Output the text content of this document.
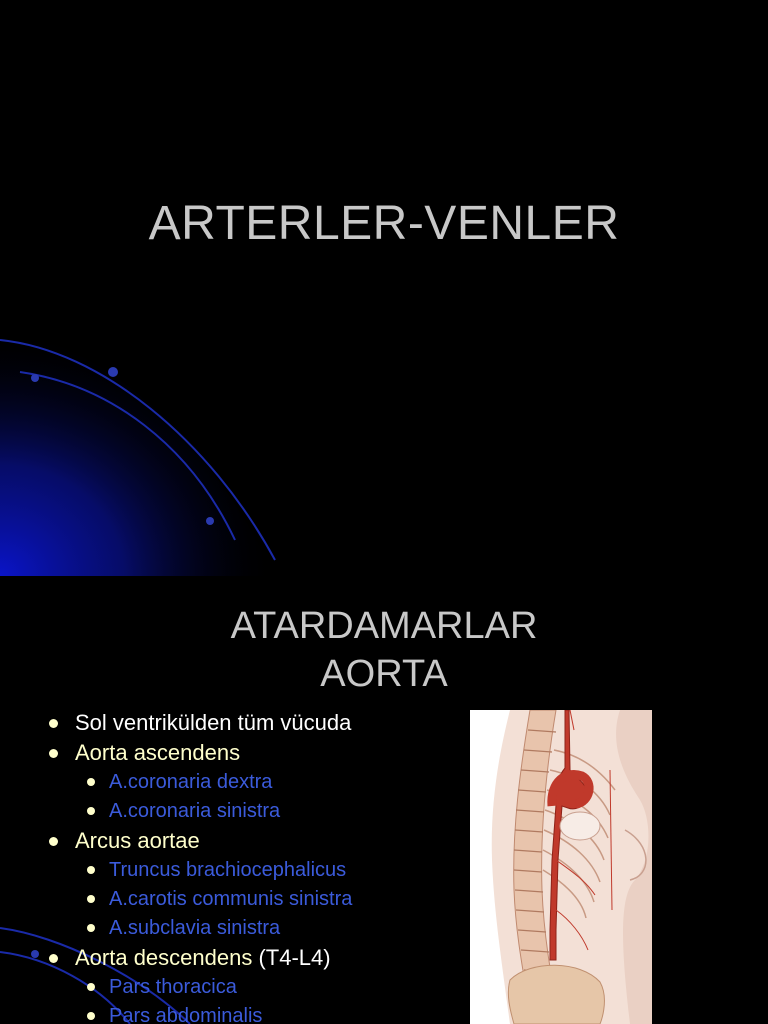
ARTERLER-VENLER
ATARDAMARLAR
AORTA
Sol ventrikülden tüm vücuda
Aorta ascendens
A.coronaria dextra
A.coronaria sinistra
Arcus aortae
Truncus brachiocephalicus
A.carotis communis sinistra
A.subclavia sinistra
Aorta descendens (T4-L4)
Pars thoracica
Pars abdominalis
